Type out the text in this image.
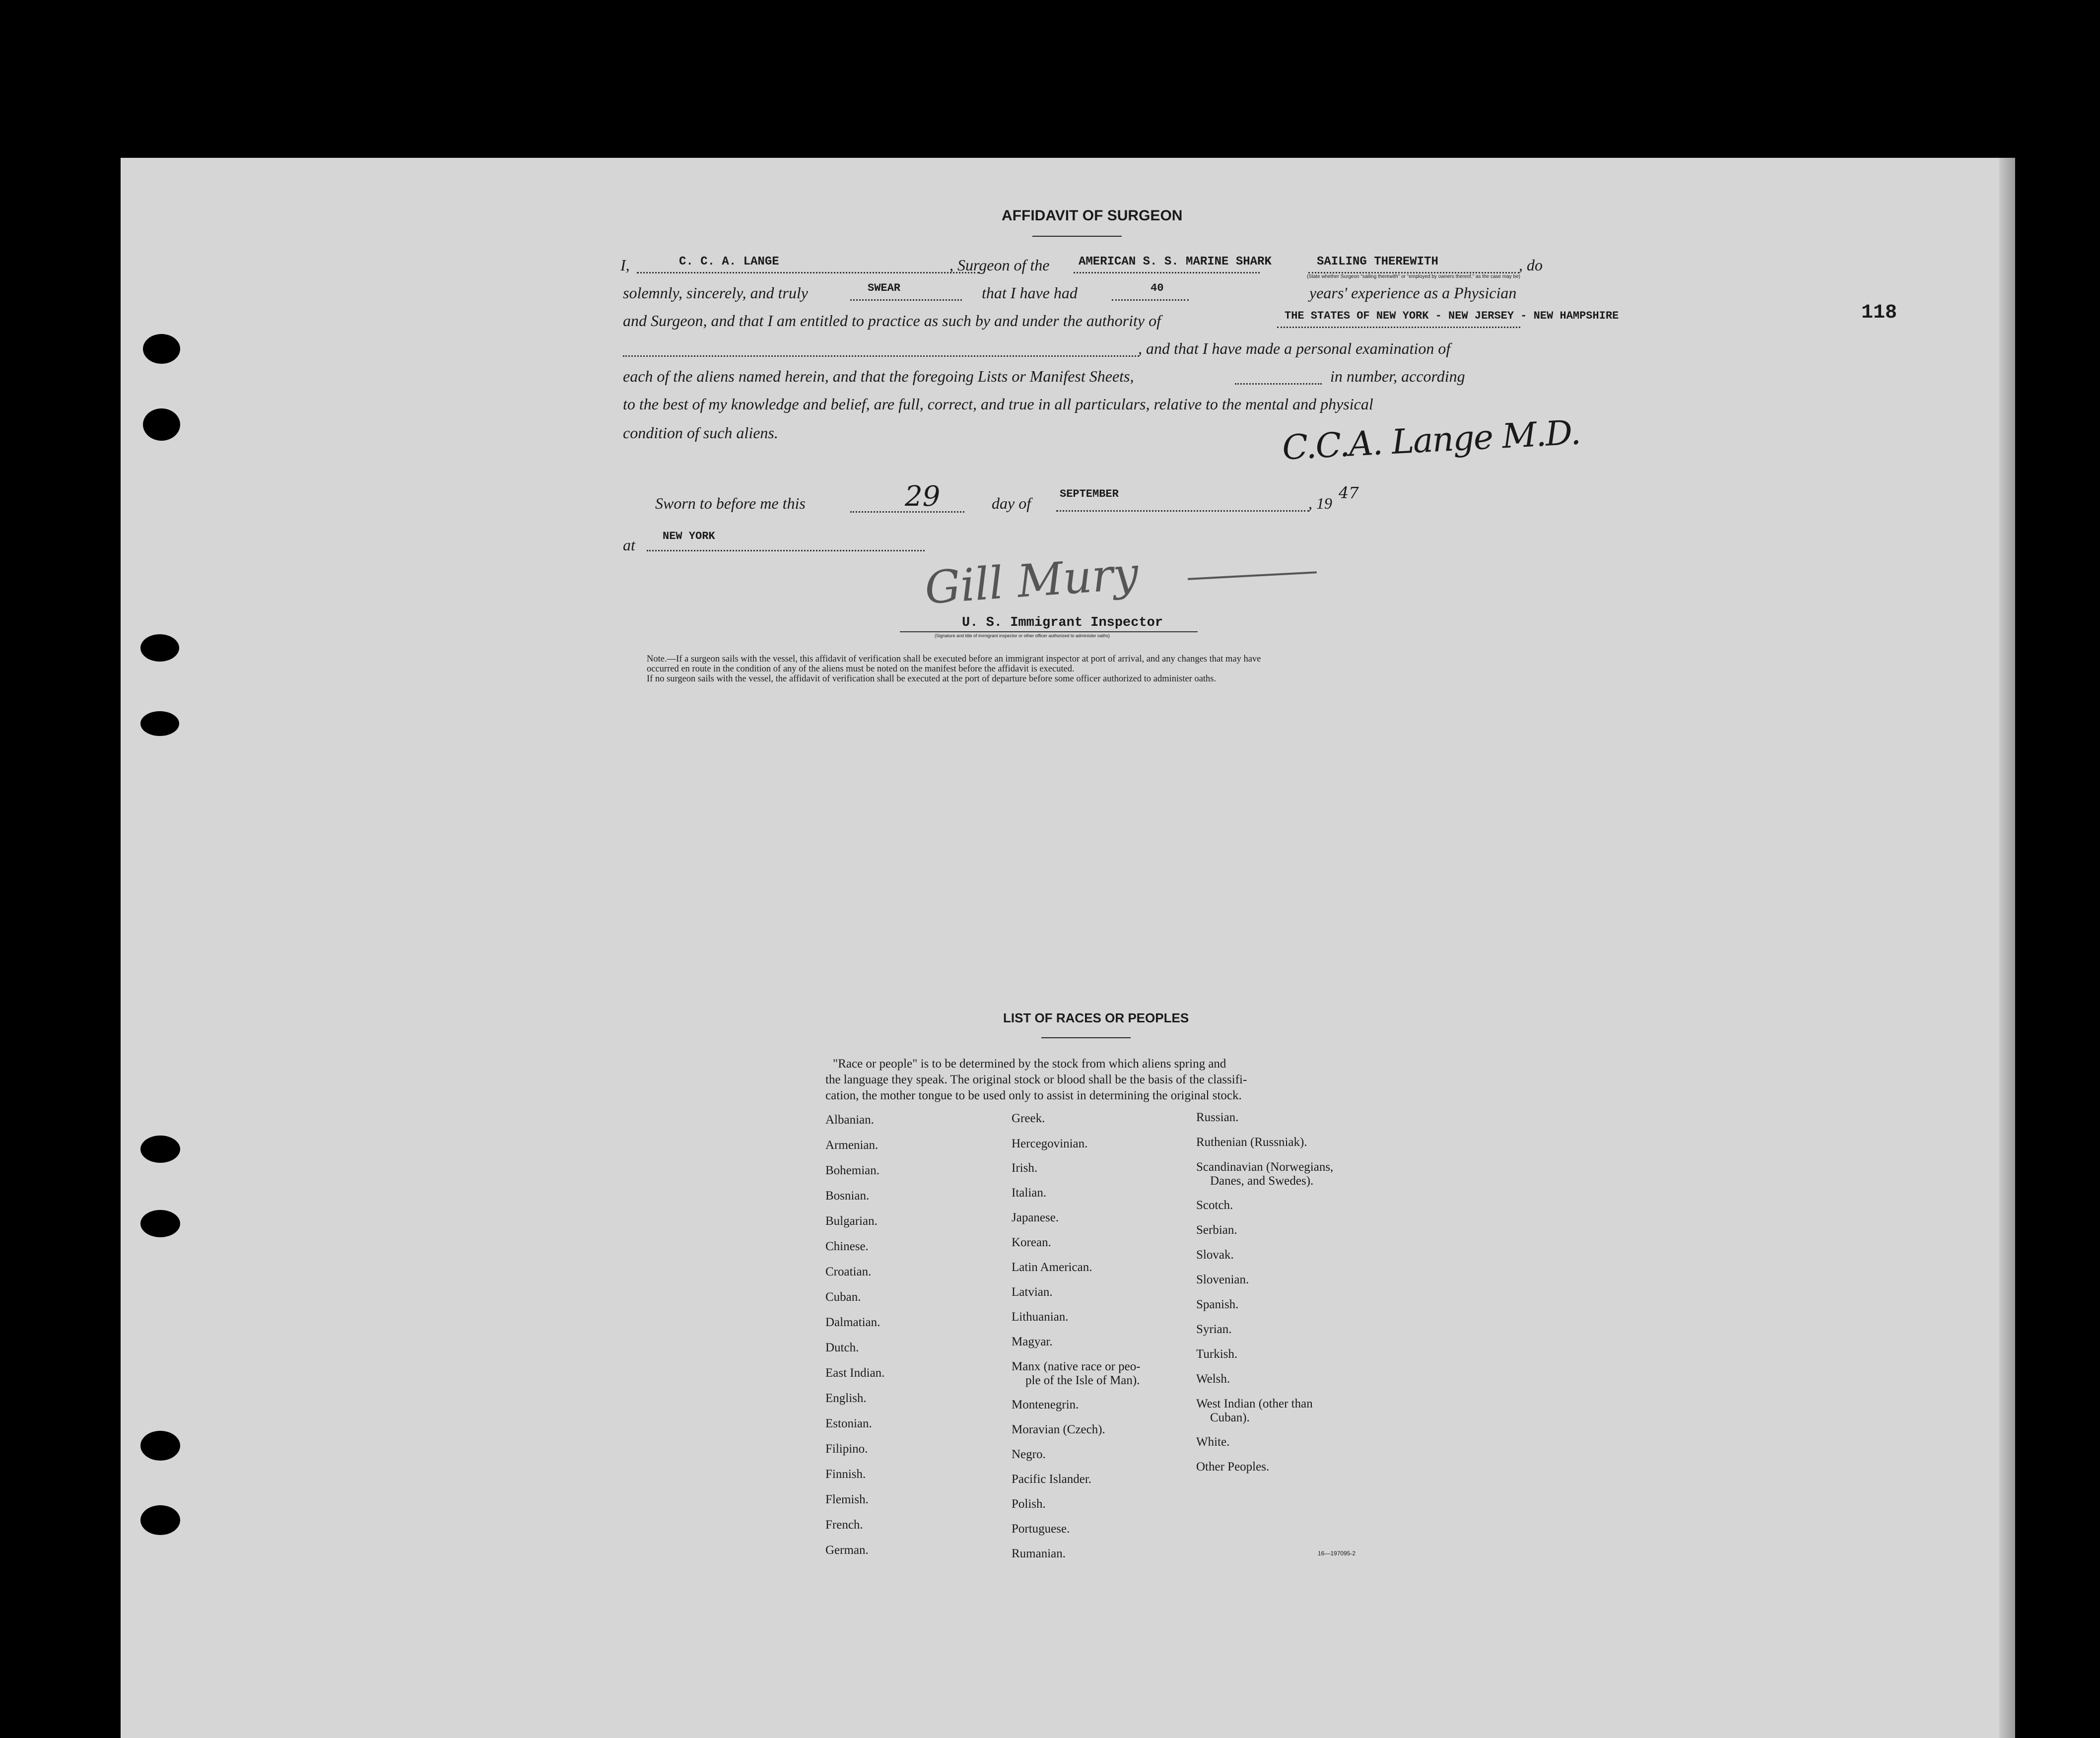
118
AFFIDAVIT OF SURGEON
I,	C. C. A. LANGE	, Surgeon of the AMERICAN S. S. MARINE SHARK	SAILING THEREWITH	, do
(State whether Surgeon "sailing therewith" or "employed by owners thereof," as the case may be)
solemnly, sincerely, and truly	SWEAR	that I have had	40	years' experience as a Physician
and Surgeon, and that I am entitled to practice as such by and under the authority of	THE STATES OF NEW YORK - NEW JERSEY - NEW HAMPSHIRE
, and that I have made a personal examination of
each of the aliens named herein, and that the foregoing Lists or Manifest Sheets,	in number, according
to the best of my knowledge and belief, are full, correct, and true in all particulars, relative to the mental and physical
condition of such aliens.	C.C.A. Lange M.D.
Sworn to before me this	29	day of
SEPTEMBER
, 19
47
at	NEW YORK
Gill Mury
U. S. Immigrant Inspector
(Signature and title of immigrant inspector or other officer authorized to administer oaths)
Note.—If a surgeon sails with the vessel, this affidavit of verification shall be executed before an immigrant inspector at port of arrival, and any changes that may have
occurred en route in the condition of any of the aliens must be noted on the manifest before the affidavit is executed.
If no surgeon sails with the vessel, the affidavit of verification shall be executed at the port of departure before some officer authorized to administer oaths.
LIST OF RACES OR PEOPLES
"Race or people" is to be determined by the stock from which aliens spring and
the language they speak. The original stock or blood shall be the basis of the classifi-
cation, the mother tongue to be used only to assist in determining the original stock.
Albanian.
Armenian.
Bohemian.
Bosnian.
Bulgarian.
Chinese.
Croatian.
Cuban.
Dalmatian.
Dutch.
East Indian.
English.
Estonian.
Filipino.
Finnish.
Flemish.
French.
German.
Greek.
Hercegovinian.
Irish.
Italian.
Japanese.
Korean.
Latin American.
Latvian.
Lithuanian.
Magyar.
Manx (native race or peo-
ple of the Isle of Man).
Montenegrin.
Moravian (Czech).
Negro.
Pacific Islander.
Polish.
Portuguese.
Rumanian.
Russian.
Ruthenian (Russniak).
Scandinavian (Norwegians,
Danes, and Swedes).
Scotch.
Serbian.
Slovak.
Slovenian.
Spanish.
Syrian.
Turkish.
Welsh.
West Indian (other than
Cuban).
White.
Other Peoples.
16—197095-2
